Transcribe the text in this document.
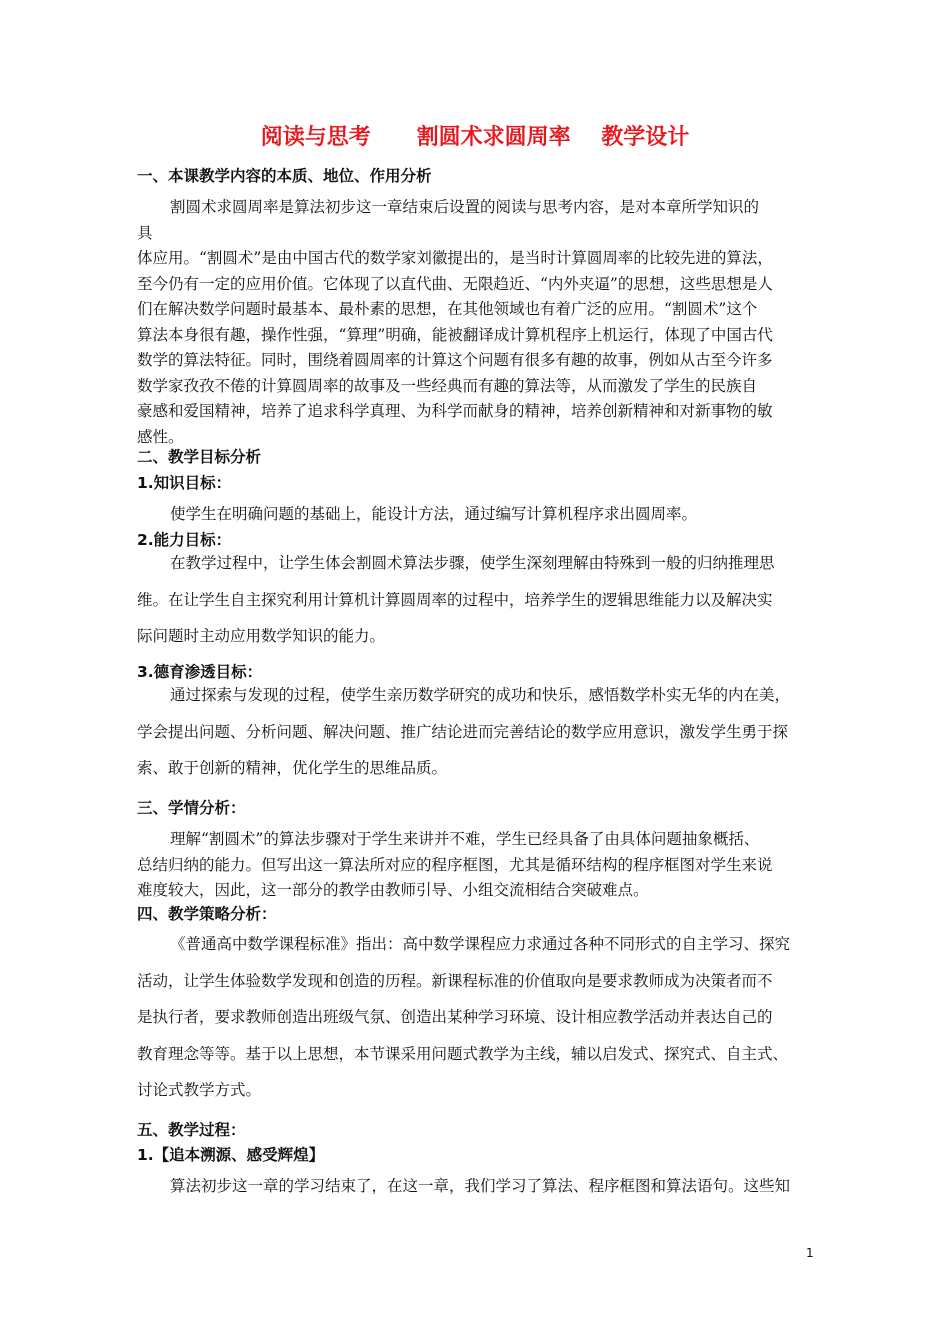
阅读与思考      割圆术求圆周率    教学设计
一、本课教学内容的本质、地位、作用分析
割圆术求圆周率是算法初步这一章结束后设置的阅读与思考内容，是对本章所学知识的
具
体应用。“割圆术”是由中国古代的数学家刘徽提出的，是当时计算圆周率的比较先进的算法，
至今仍有一定的应用价值。它体现了以直代曲、无限趋近、“内外夹逼”的思想，这些思想是人
们在解决数学问题时最基本、最朴素的思想，在其他领域也有着广泛的应用。“割圆术”这个
算法本身很有趣，操作性强，“算理”明确，能被翻译成计算机程序上机运行，体现了中国古代
数学的算法特征。同时，围绕着圆周率的计算这个问题有很多有趣的故事，例如从古至今许多
数学家孜孜不倦的计算圆周率的故事及一些经典而有趣的算法等，从而激发了学生的民族自
豪感和爱国精神，培养了追求科学真理、为科学而献身的精神，培养创新精神和对新事物的敏
感性。
二、教学目标分析
1.知识目标：
使学生在明确问题的基础上，能设计方法，通过编写计算机程序求出圆周率。
2.能力目标：
在教学过程中，让学生体会割圆术算法步骤，使学生深刻理解由特殊到一般的归纳推理思
维。在让学生自主探究利用计算机计算圆周率的过程中，培养学生的逻辑思维能力以及解决实
际问题时主动应用数学知识的能力。
3.德育渗透目标：
通过探索与发现的过程，使学生亲历数学研究的成功和快乐，感悟数学朴实无华的内在美，
学会提出问题、分析问题、解决问题、推广结论进而完善结论的数学应用意识，激发学生勇于探
索、敢于创新的精神，优化学生的思维品质。
三、学情分析：
理解“割圆术”的算法步骤对于学生来讲并不难，学生已经具备了由具体问题抽象概括、
总结归纳的能力。但写出这一算法所对应的程序框图，尤其是循环结构的程序框图对学生来说
难度较大，因此，这一部分的教学由教师引导、小组交流相结合突破难点。
四、教学策略分析：
《普通高中数学课程标准》指出：高中数学课程应力求通过各种不同形式的自主学习、探究
活动，让学生体验数学发现和创造的历程。新课程标准的价值取向是要求教师成为决策者而不
是执行者，要求教师创造出班级气氛、创造出某种学习环境、设计相应教学活动并表达自己的
教育理念等等。基于以上思想，本节课采用问题式教学为主线，辅以启发式、探究式、自主式、
讨论式教学方式。
五、教学过程：
1.【追本溯源、感受辉煌】
算法初步这一章的学习结束了，在这一章，我们学习了算法、程序框图和算法语句。这些知
1
